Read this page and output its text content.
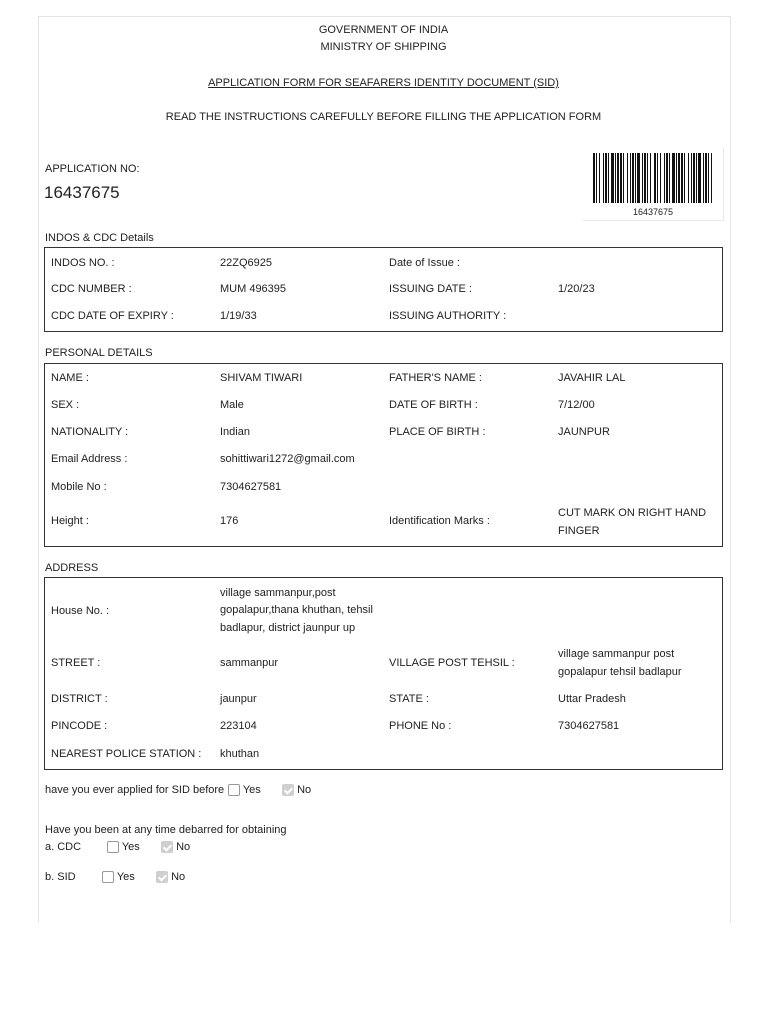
GOVERNMENT OF INDIA
MINISTRY OF SHIPPING
APPLICATION FORM FOR SEAFARERS IDENTITY DOCUMENT (SID)
READ THE INSTRUCTIONS CAREFULLY BEFORE FILLING THE APPLICATION FORM
APPLICATION NO:
16437675
16437675
INDOS & CDC Details
INDOS NO. :	22ZQ6925	Date of Issue :
CDC NUMBER :	MUM 496395	ISSUING DATE :	1/20/23
CDC DATE OF EXPIRY :	1/19/33	ISSUING AUTHORITY :
PERSONAL DETAILS
NAME :	SHIVAM TIWARI	FATHER'S NAME :	JAVAHIR LAL
SEX :	Male	DATE OF BIRTH :	7/12/00
NATIONALITY :	Indian	PLACE OF BIRTH :	JAUNPUR
Email Address :	sohittiwari1272@gmail.com
Mobile No :	7304627581
Height :	176	Identification Marks :
CUT MARK ON RIGHT HAND
FINGER
ADDRESS
House No. :
village sammanpur,post
gopalapur,thana khuthan, tehsil
badlapur, district jaunpur up
STREET :	sammanpur	VILLAGE POST TEHSIL :
village sammanpur post
gopalapur tehsil badlapur
DISTRICT :	jaunpur	STATE :	Uttar Pradesh
PINCODE :	223104	PHONE No :	7304627581
NEAREST POLICE STATION : khuthan
have you ever applied for SID before	Yes	No
Have you been at any time debarred for obtaining
a. CDC	Yes	No
b. SID	Yes	No
